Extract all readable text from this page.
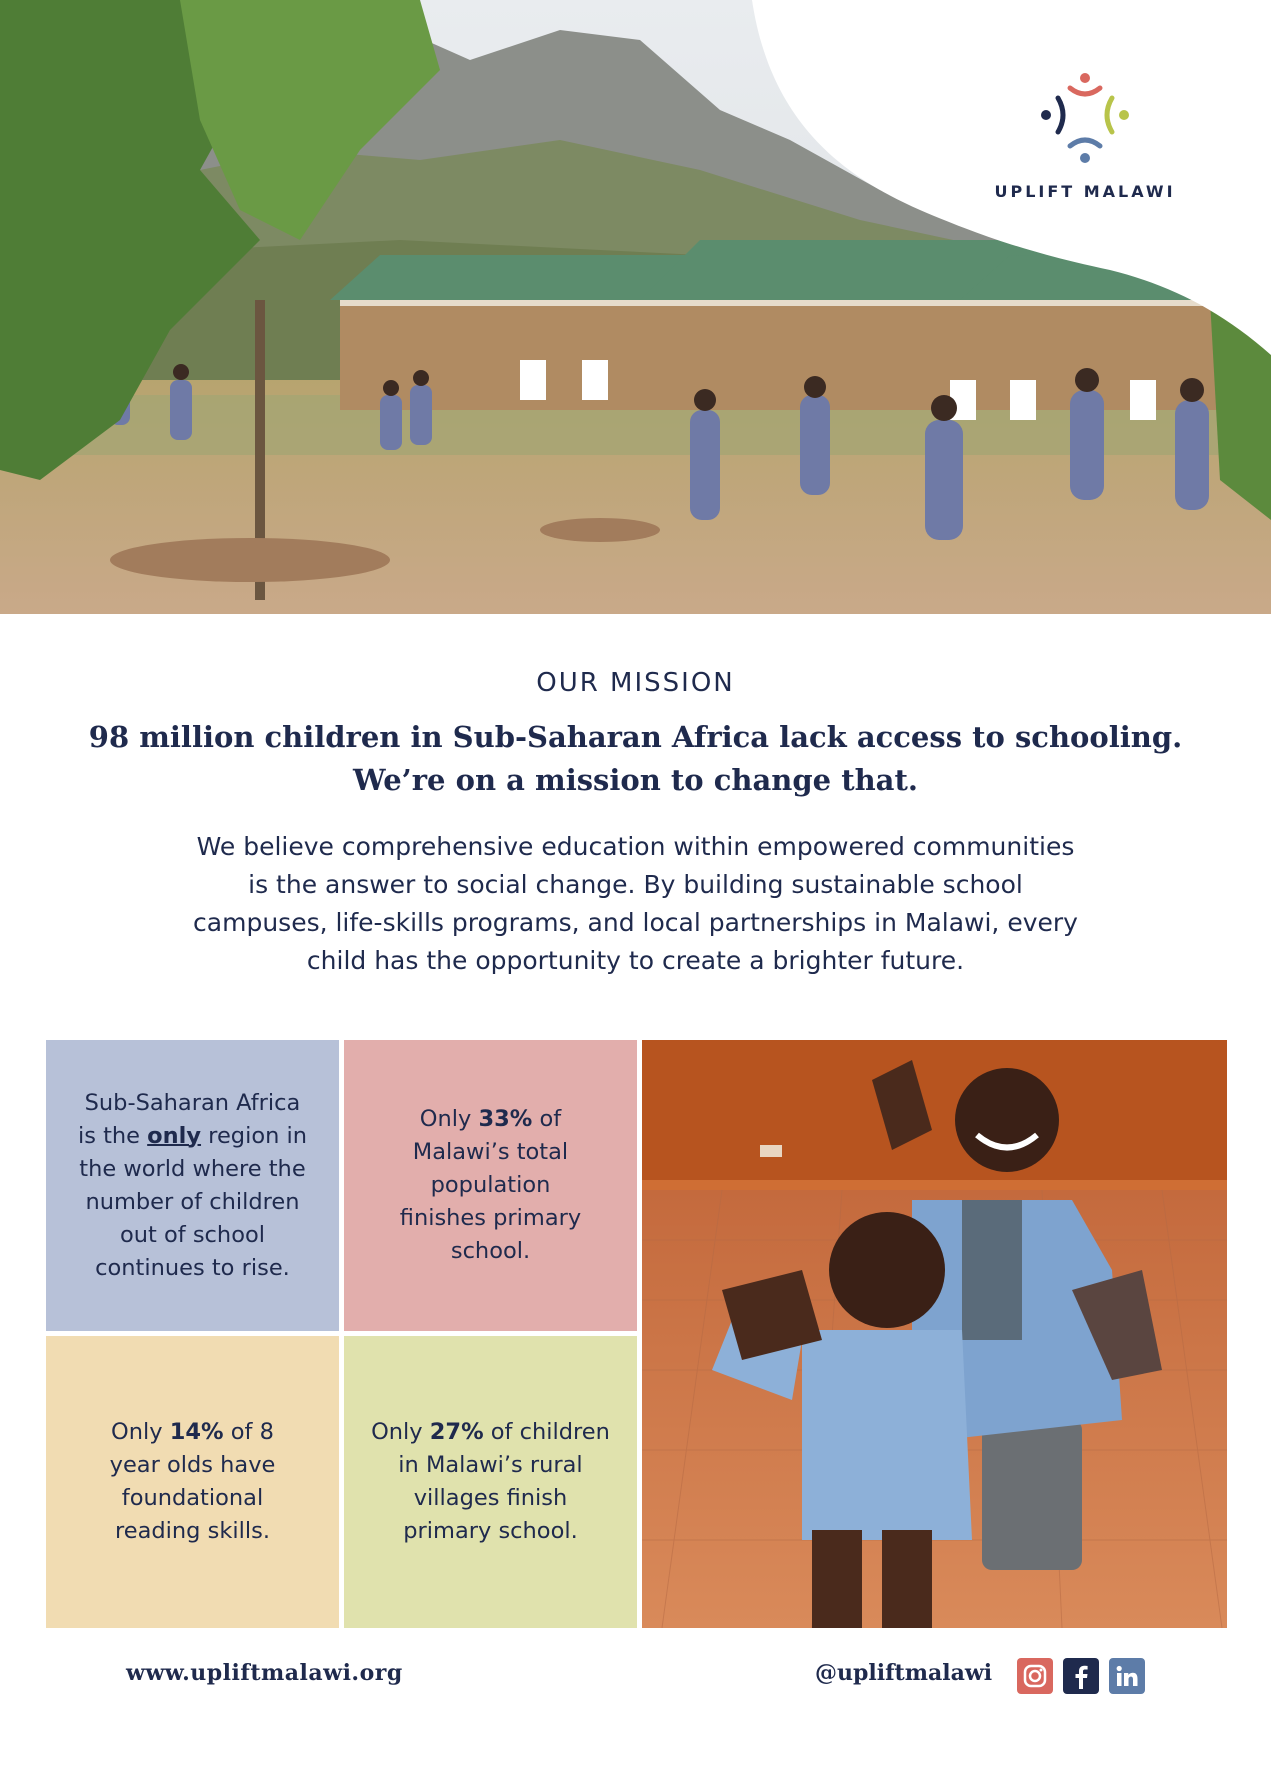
UPLIFT MALAWI
OUR MISSION
98 million children in Sub-Saharan Africa lack access to schooling.
We’re on a mission to change that.
We believe comprehensive education within empowered communities
is the answer to social change. By building sustainable school
campuses, life-skills programs, and local partnerships in Malawi, every
child has the opportunity to create a brighter future.

Sub-Saharan Africa
is the only region in
the world where the
number of children
out of school
continues to rise.

Only 33% of
Malawi’s total
population
finishes primary
school.

Only 14% of 8
year olds have
foundational
reading skills.

Only 27% of children
in Malawi’s rural
villages finish
primary school.

www.upliftmalawi.org	@upliftmalawi
